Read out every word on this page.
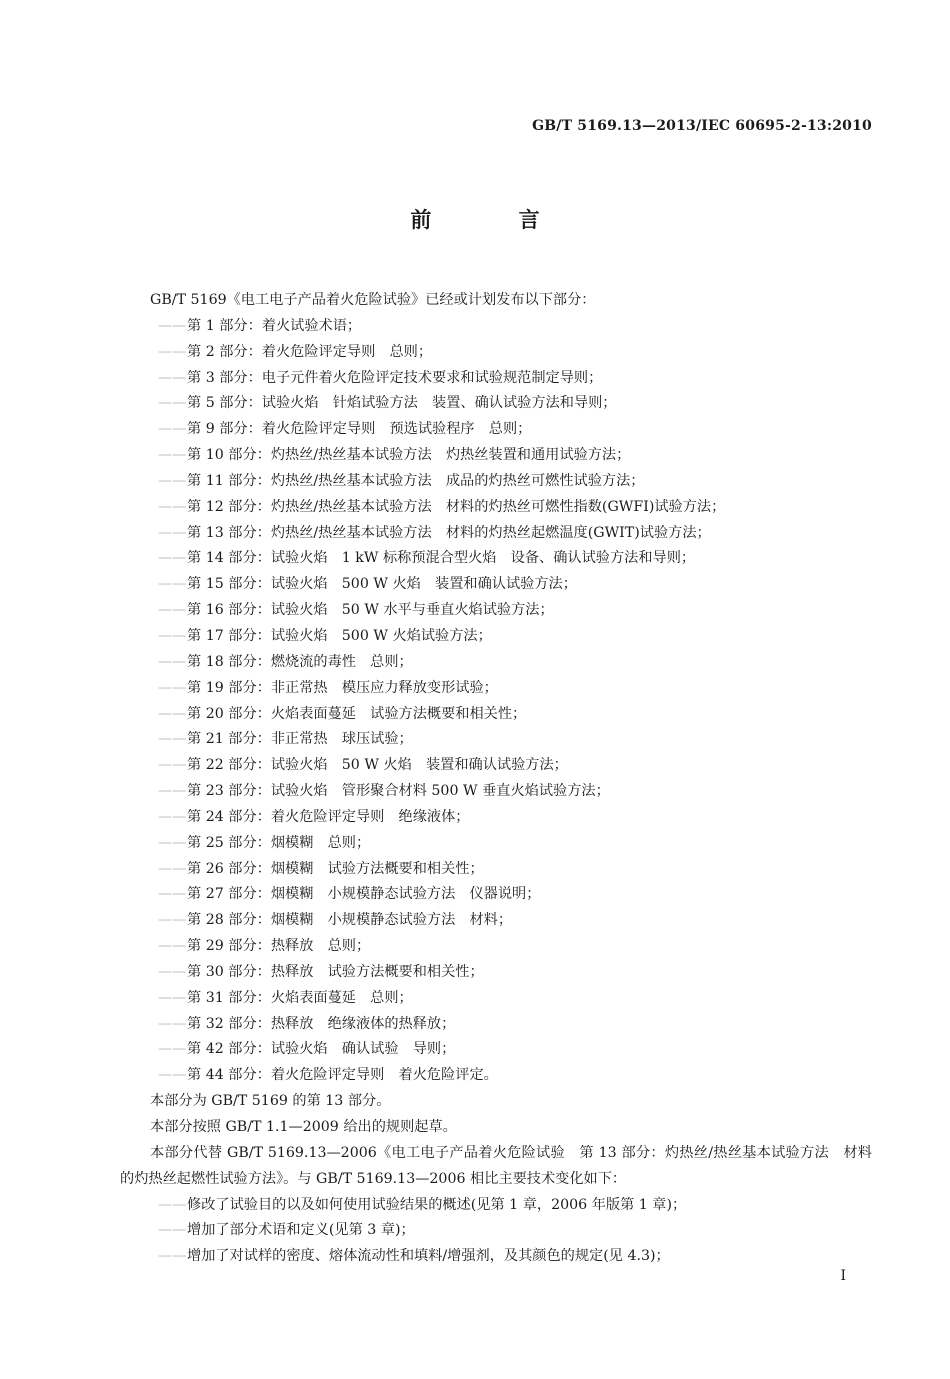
GB/T 5169.13—2013/IEC 60695-2-13:2010
前 言

GB/T 5169《电工电子产品着火危险试验》已经或计划发布以下部分：

—— 第 1 部分：着火试验术语；

—— 第 2 部分：着火危险评定导则　总则；

—— 第 3 部分：电子元件着火危险评定技术要求和试验规范制定导则；

—— 第 5 部分：试验火焰　针焰试验方法　装置、确认试验方法和导则；

—— 第 9 部分：着火危险评定导则　预选试验程序　总则；

—— 第 10 部分：灼热丝/热丝基本试验方法　灼热丝装置和通用试验方法；

—— 第 11 部分：灼热丝/热丝基本试验方法　成品的灼热丝可燃性试验方法；

—— 第 12 部分：灼热丝/热丝基本试验方法　材料的灼热丝可燃性指数(GWFI)试验方法；

—— 第 13 部分：灼热丝/热丝基本试验方法　材料的灼热丝起燃温度(GWIT)试验方法；

—— 第 14 部分：试验火焰　1 kW 标称预混合型火焰　设备、确认试验方法和导则；

—— 第 15 部分：试验火焰　500 W 火焰　装置和确认试验方法；

—— 第 16 部分：试验火焰　50 W 水平与垂直火焰试验方法；

—— 第 17 部分：试验火焰　500 W 火焰试验方法；

—— 第 18 部分：燃烧流的毒性　总则；

—— 第 19 部分：非正常热　模压应力释放变形试验；

—— 第 20 部分：火焰表面蔓延　试验方法概要和相关性；

—— 第 21 部分：非正常热　球压试验；

—— 第 22 部分：试验火焰　50 W 火焰　装置和确认试验方法；

—— 第 23 部分：试验火焰　管形聚合材料 500 W 垂直火焰试验方法；

—— 第 24 部分：着火危险评定导则　绝缘液体；

—— 第 25 部分：烟模糊　总则；

—— 第 26 部分：烟模糊　试验方法概要和相关性；

—— 第 27 部分：烟模糊　小规模静态试验方法　仪器说明；

—— 第 28 部分：烟模糊　小规模静态试验方法　材料；

—— 第 29 部分：热释放　总则；

—— 第 30 部分：热释放　试验方法概要和相关性；

—— 第 31 部分：火焰表面蔓延　总则；

—— 第 32 部分：热释放　绝缘液体的热释放；

—— 第 42 部分：试验火焰　确认试验　导则；

—— 第 44 部分：着火危险评定导则　着火危险评定。

本部分为 GB/T 5169 的第 13 部分。

本部分按照 GB/T 1.1—2009 给出的规则起草。

本部分代替 GB/T 5169.13—2006《电工电子产品着火危险试验　第 13 部分：灼热丝/热丝基本试验方法　材料的灼热丝起燃性试验方法》。与 GB/T 5169.13—2006 相比主要技术变化如下：

—— 修改了试验目的以及如何使用试验结果的概述(见第 1 章，2006 年版第 1 章)；

—— 增加了部分术语和定义(见第 3 章)；

—— 增加了对试样的密度、熔体流动性和填料/增强剂，及其颜色的规定(见 4.3)；

I
